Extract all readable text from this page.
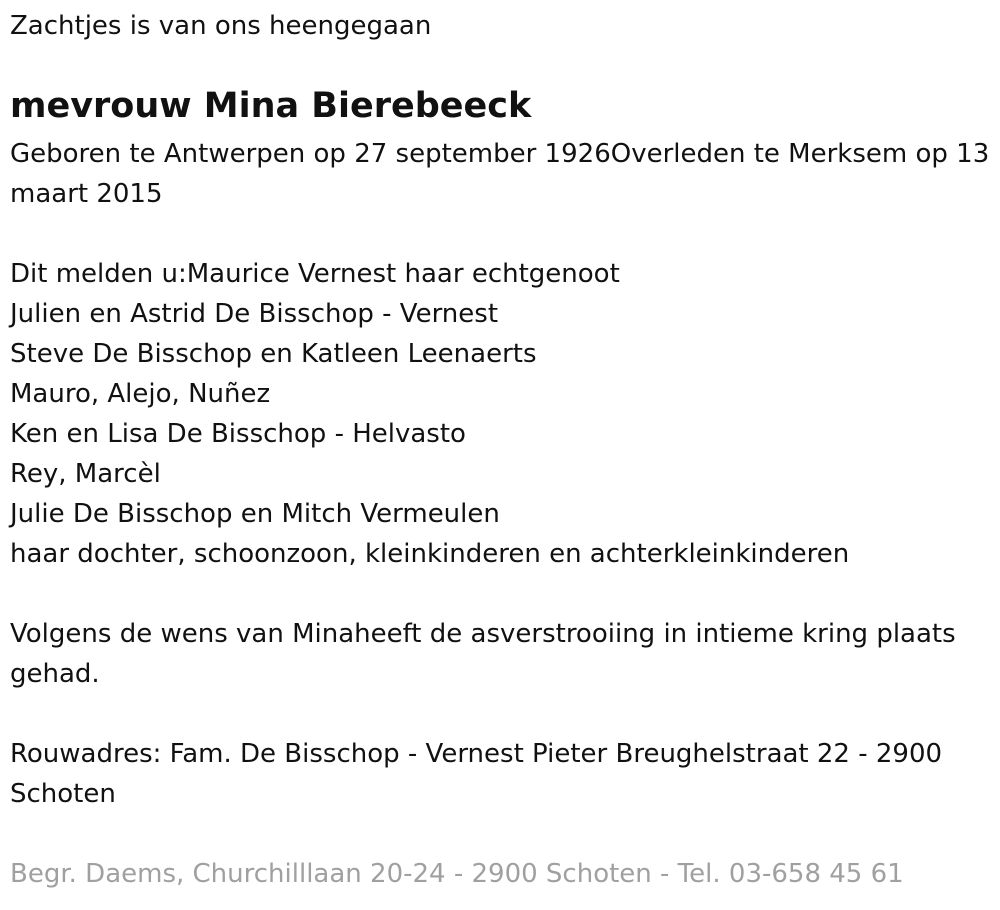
Zachtjes is van ons heengegaan
mevrouw Mina Bierebeeck
Geboren te Antwerpen op 27 september 1926Overleden te Merksem op 13 maart 2015
Dit melden u:Maurice Vernest haar echtgenoot
Julien en Astrid De Bisschop - Vernest
Steve De Bisschop en Katleen Leenaerts
Mauro, Alejo, Nuñez
Ken en Lisa De Bisschop - Helvasto
Rey, Marcèl
Julie De Bisschop en Mitch Vermeulen
haar dochter, schoonzoon, kleinkinderen en achterkleinkinderen
Volgens de wens van Minaheeft de asverstrooiing in intieme kring plaats gehad.
Rouwadres: Fam. De Bisschop - Vernest Pieter Breughelstraat 22 - 2900 Schoten
Begr. Daems, Churchilllaan 20-24 - 2900 Schoten - Tel. 03-658 45 61
